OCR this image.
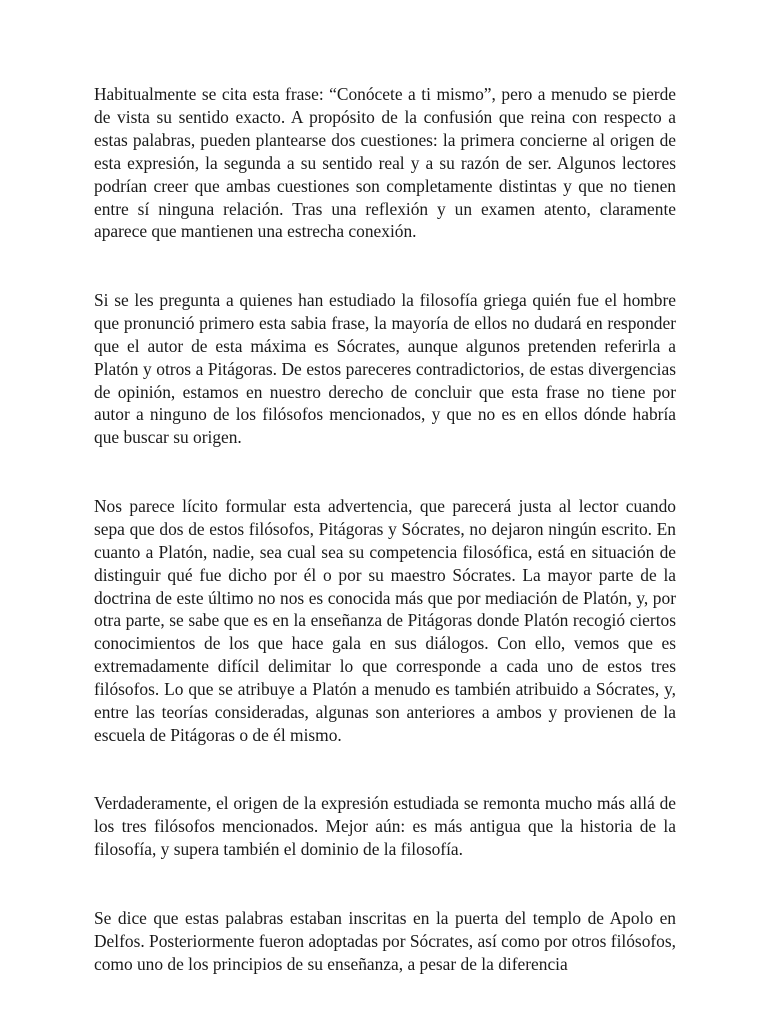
Habitualmente se cita esta frase: “Conócete a ti mismo”, pero a menudo se pierde de vista su sentido exacto. A propósito de la confusión que reina con respecto a estas palabras, pueden plantearse dos cuestiones: la primera concierne al origen de esta expresión, la segunda a su sentido real y a su razón de ser. Algunos lectores podrían creer que ambas cuestiones son completamente distintas y que no tienen entre sí ninguna relación. Tras una reflexión y un examen atento, claramente aparece que mantienen una estrecha conexión.

Si se les pregunta a quienes han estudiado la filosofía griega quién fue el hombre que pronunció primero esta sabia frase, la mayoría de ellos no dudará en responder que el autor de esta máxima es Sócrates, aunque algunos pretenden referirla a Platón y otros a Pitágoras. De estos pareceres contradictorios, de estas divergencias de opinión, estamos en nuestro derecho de concluir que esta frase no tiene por autor a ninguno de los filósofos mencionados, y que no es en ellos dónde habría que buscar su origen.

Nos parece lícito formular esta advertencia, que parecerá justa al lector cuando sepa que dos de estos filósofos, Pitágoras y Sócrates, no dejaron ningún escrito. En cuanto a Platón, nadie, sea cual sea su competencia filosófica, está en situación de distinguir qué fue dicho por él o por su maestro Sócrates. La mayor parte de la doctrina de este último no nos es conocida más que por mediación de Platón, y, por otra parte, se sabe que es en la enseñanza de Pitágoras donde Platón recogió ciertos conocimientos de los que hace gala en sus diálogos. Con ello, vemos que es extremadamente difícil delimitar lo que corresponde a cada uno de estos tres filósofos. Lo que se atribuye a Platón a menudo es también atribuido a Sócrates, y, entre las teorías consideradas, algunas son anteriores a ambos y provienen de la escuela de Pitágoras o de él mismo.

Verdaderamente, el origen de la expresión estudiada se remonta mucho más allá de los tres filósofos mencionados. Mejor aún: es más antigua que la historia de la filosofía, y supera también el dominio de la filosofía.

Se dice que estas palabras estaban inscritas en la puerta del templo de Apolo en Delfos. Posteriormente fueron adoptadas por Sócrates, así como por otros filósofos, como uno de los principios de su enseñanza, a pesar de la diferencia
